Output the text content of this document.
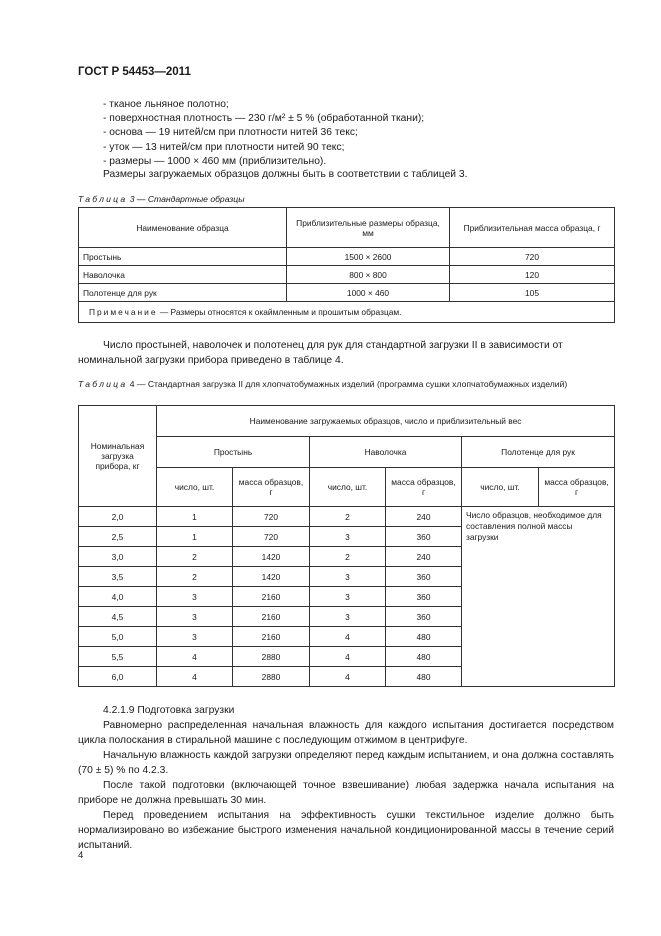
ГОСТ Р 54453—2011
- тканое льняное полотно;
- поверхностная плотность — 230 г/м² ± 5 % (обработанной ткани);
- основа — 19 нитей/см при плотности нитей 36 текс;
- уток — 13 нитей/см при плотности нитей 90 текс;
- размеры — 1000 × 460 мм (приблизительно).
Размеры загружаемых образцов должны быть в соответствии с таблицей 3.
Таблица 3 — Стандартные образцы
Наименование образца	Приблизительные размеры образца, мм	Приблизительная масса образца, г
Простынь	1500 × 2600	720
Наволочка	800 × 800	120
Полотенце для рук	1000 × 460	105
Примечание — Размеры относятся к окаймленным и прошитым образцам.		
Число простыней, наволочек и полотенец для рук для стандартной загрузки II в зависимости от номинальной загрузки прибора приведено в таблице 4.
Таблица 4 — Стандартная загрузка II для хлопчатобумажных изделий (программа сушки хлопчатобумажных изделий)
Номинальная загрузка прибора, кг	Наименование загружаемых образцов, число и приблизительный вес					
	Простынь		Наволочка		Полотенце для рук	
	число, шт.	масса образцов, г	число, шт.	масса образцов, г	число, шт.	масса образцов, г
2,0	1	720	2	240	Число образцов, необходимое для составления полной массы загрузки	

2,5	1	720	3	360		
3,0	2	1420	2	240		
3,5	2	1420	3	360		
4,0	3	2160	3	360		
4,5	3	2160	3	360		
5,0	3	2160	4	480		
5,5	4	2880	4	480		
6,0	4	2880	4	480		
4.2.1.9 Подготовка загрузки
Равномерно распределенная начальная влажность для каждого испытания достигается посредством цикла полоскания в стиральной машине с последующим отжимом в центрифуге.
Начальную влажность каждой загрузки определяют перед каждым испытанием, и она должна составлять (70 ± 5) % по 4.2.3.
После такой подготовки (включающей точное взвешивание) любая задержка начала испытания на приборе не должна превышать 30 мин.
Перед проведением испытания на эффективность сушки текстильное изделие должно быть нормализировано во избежание быстрого изменения начальной кондиционированной массы в течение серий испытаний.
4
